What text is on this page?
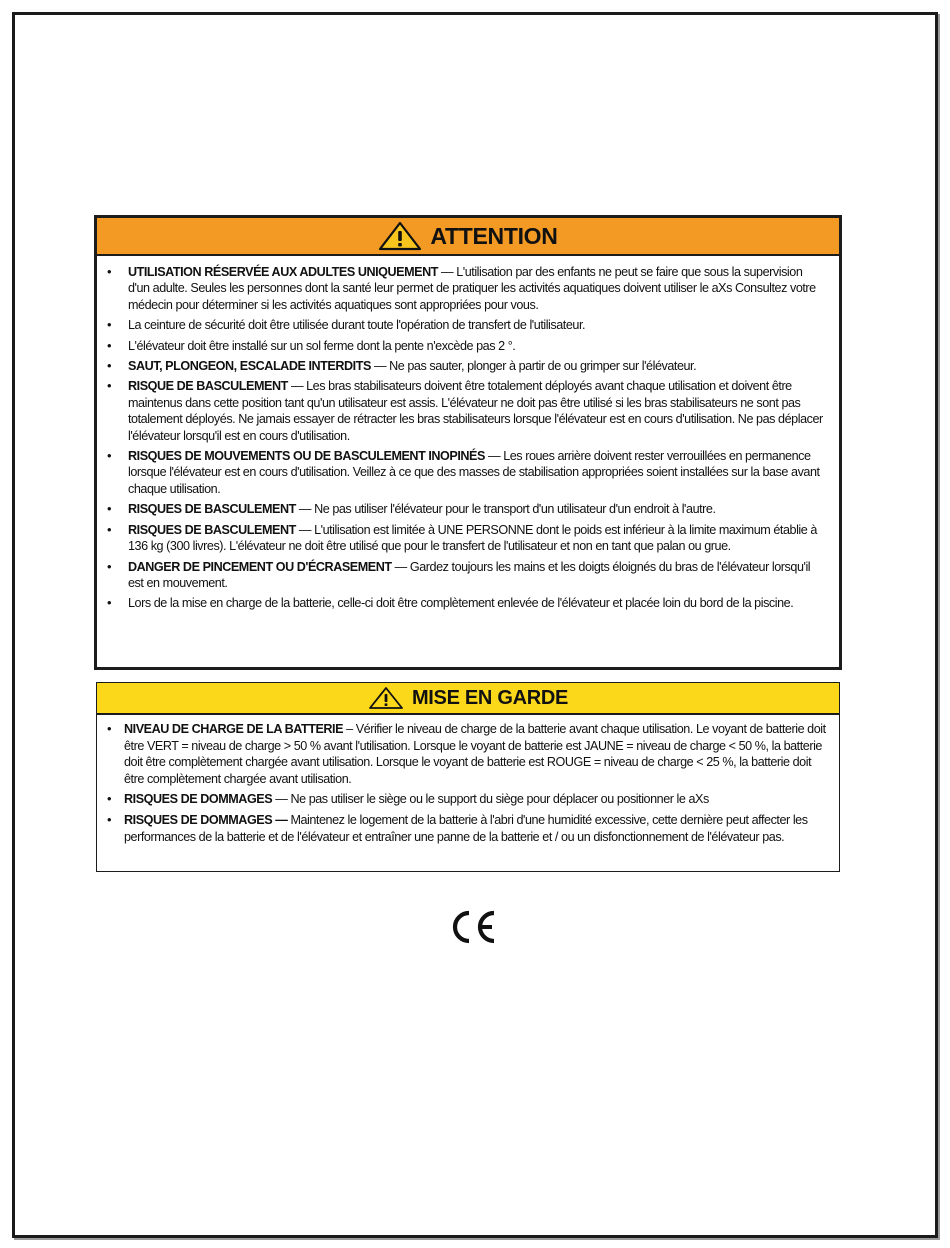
ATTENTION
• UTILISATION RÉSERVÉE AUX ADULTES UNIQUEMENT — L'utilisation par des enfants ne peut se faire que sous la supervision d'un adulte. Seules les personnes dont la santé leur permet de pratiquer les activités aquatiques doivent utiliser le aXs Consultez votre médecin pour déterminer si les activités aquatiques sont appropriées pour vous.
• La ceinture de sécurité doit être utilisée durant toute l'opération de transfert de l'utilisateur.
• L'élévateur doit être installé sur un sol ferme dont la pente n'excède pas 2 °.
• SAUT, PLONGEON, ESCALADE INTERDITS — Ne pas sauter, plonger à partir de ou grimper sur l'élévateur.
• RISQUE DE BASCULEMENT — Les bras stabilisateurs doivent être totalement déployés avant chaque utilisation et doivent être maintenus dans cette position tant qu'un utilisateur est assis. L'élévateur ne doit pas être utilisé si les bras stabilisateurs ne sont pas totalement déployés. Ne jamais essayer de rétracter les bras stabilisateurs lorsque l'élévateur est en cours d'utilisation. Ne pas déplacer l'élévateur lorsqu'il est en cours d'utilisation.
• RISQUES DE MOUVEMENTS OU DE BASCULEMENT INOPINÉS — Les roues arrière doivent rester verrouillées en permanence lorsque l'élévateur est en cours d'utilisation. Veillez à ce que des masses de stabilisation appropriées soient installées sur la base avant chaque utilisation.
• RISQUES DE BASCULEMENT — Ne pas utiliser l'élévateur pour le transport d'un utilisateur d'un endroit à l'autre.
• RISQUES DE BASCULEMENT — L'utilisation est limitée à UNE PERSONNE dont le poids est inférieur à la limite maximum établie à 136 kg (300 livres). L'élévateur ne doit être utilisé que pour le transfert de l'utilisateur et non en tant que palan ou grue.
• DANGER DE PINCEMENT OU D'ÉCRASEMENT — Gardez toujours les mains et les doigts éloignés du bras de l'élévateur lorsqu'il est en mouvement.
• Lors de la mise en charge de la batterie, celle-ci doit être complètement enlevée de l'élévateur et placée loin du bord de la piscine.
MISE EN GARDE
• NIVEAU DE CHARGE DE LA BATTERIE – Vérifier le niveau de charge de la batterie avant chaque utilisation. Le voyant de batterie doit être VERT = niveau de charge > 50 % avant l'utilisation. Lorsque le voyant de batterie est JAUNE = niveau de charge < 50 %, la batterie doit être complètement chargée avant utilisation. Lorsque le voyant de batterie est ROUGE = niveau de charge < 25 %, la batterie doit être complètement chargée avant utilisation.
• RISQUES DE DOMMAGES — Ne pas utiliser le siège ou le support du siège pour déplacer ou positionner le aXs
• RISQUES DE DOMMAGES — Maintenez le logement de la batterie à l'abri d'une humidité excessive, cette dernière peut affecter les performances de la batterie et de l'élévateur et entraîner une panne de la batterie et / ou un disfonctionnement de l'élévateur pas.
